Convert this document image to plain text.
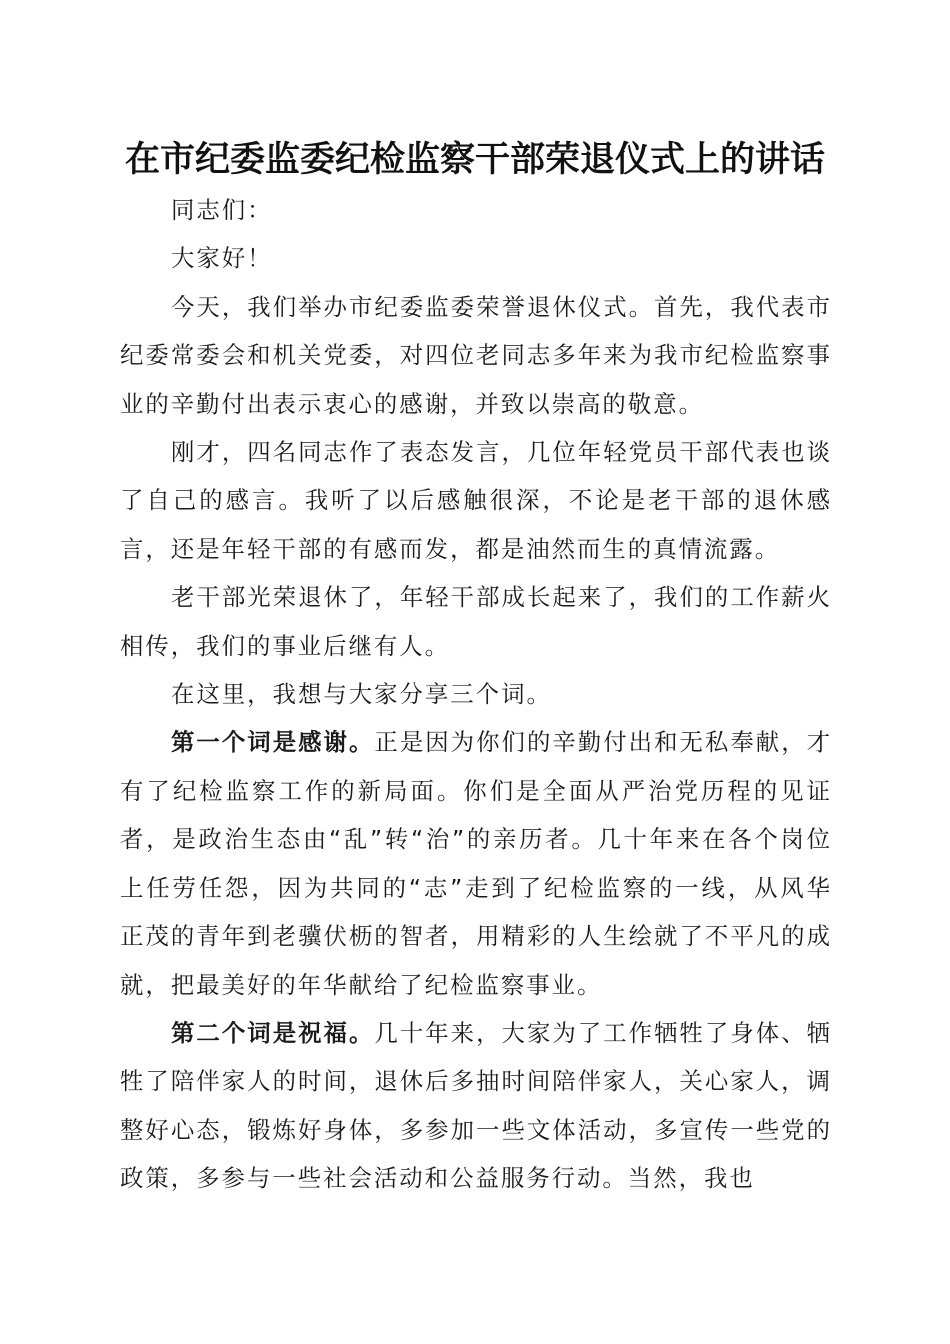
在市纪委监委纪检监察干部荣退仪式上的讲话

同志们：

大家好！

今天，我们举办市纪委监委荣誉退休仪式。首先，我代表市纪委常委会和机关党委，对四位老同志多年来为我市纪检监察事业的辛勤付出表示衷心的感谢，并致以崇高的敬意。

刚才，四名同志作了表态发言，几位年轻党员干部代表也谈了自己的感言。我听了以后感触很深，不论是老干部的退休感言，还是年轻干部的有感而发，都是油然而生的真情流露。

老干部光荣退休了，年轻干部成长起来了，我们的工作薪火相传，我们的事业后继有人。

在这里，我想与大家分享三个词。

第一个词是感谢。正是因为你们的辛勤付出和无私奉献，才有了纪检监察工作的新局面。你们是全面从严治党历程的见证者，是政治生态由“乱”转“治”的亲历者。几十年来在各个岗位上任劳任怨，因为共同的“志”走到了纪检监察的一线，从风华正茂的青年到老骥伏枥的智者，用精彩的人生绘就了不平凡的成就，把最美好的年华献给了纪检监察事业。

第二个词是祝福。几十年来，大家为了工作牺牲了身体、牺牲了陪伴家人的时间，退休后多抽时间陪伴家人，关心家人，调整好心态，锻炼好身体，多参加一些文体活动，多宣传一些党的政策，多参与一些社会活动和公益服务行动。当然，我也
